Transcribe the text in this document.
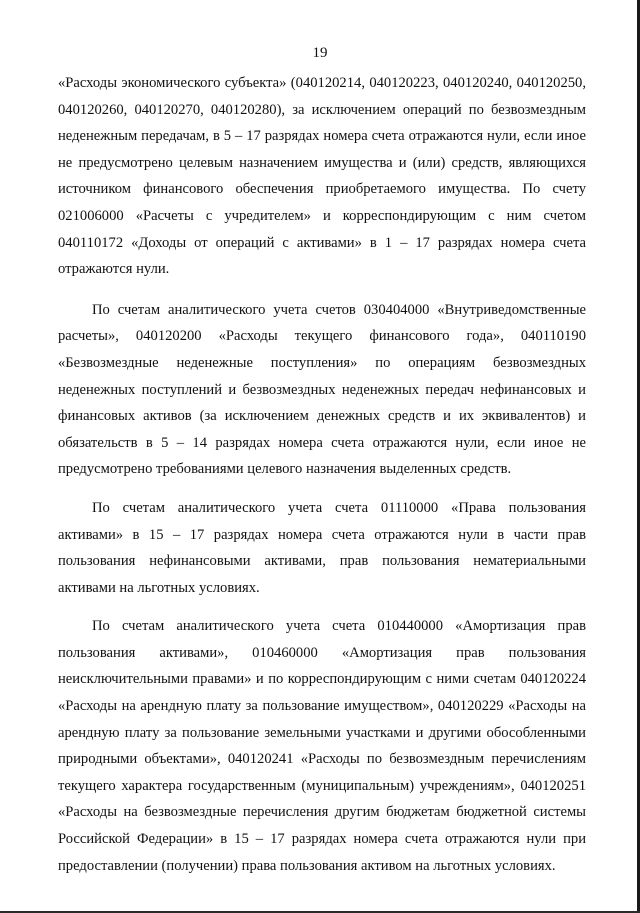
19

«Расходы экономического субъекта» (040120214, 040120223, 040120240, 040120250, 040120260, 040120270, 040120280), за исключением операций по безвозмездным неденежным передачам, в 5 – 17 разрядах номера счета отражаются нули, если иное не предусмотрено целевым назначением имущества и (или) средств, являющихся источником финансового обеспечения приобретаемого имущества. По счету 021006000 «Расчеты с учредителем» и корреспондирующим с ним счетом 040110172 «Доходы от операций с активами» в 1 – 17 разрядах номера счета отражаются нули.

По счетам аналитического учета счетов 030404000 «Внутриведомственные расчеты», 040120200 «Расходы текущего финансового года», 040110190 «Безвозмездные неденежные поступления» по операциям безвозмездных неденежных поступлений и безвозмездных неденежных передач нефинансовых и финансовых активов (за исключением денежных средств и их эквивалентов) и обязательств в 5 – 14 разрядах номера счета отражаются нули, если иное не предусмотрено требованиями целевого назначения выделенных средств.

По счетам аналитического учета счета 01110000 «Права пользования активами» в 15 – 17 разрядах номера счета отражаются нули в части прав пользования нефинансовыми активами, прав пользования нематериальными активами на льготных условиях.

По счетам аналитического учета счета 010440000 «Амортизация прав пользования активами», 010460000 «Амортизация прав пользования неисключительными правами» и по корреспондирующим с ними счетам 040120224 «Расходы на арендную плату за пользование имуществом», 040120229 «Расходы на арендную плату за пользование земельными участками и другими обособленными природными объектами», 040120241 «Расходы по безвозмездным перечислениям текущего характера государственным (муниципальным) учреждениям», 040120251 «Расходы на безвозмездные перечисления другим бюджетам бюджетной системы Российской Федерации» в 15 – 17 разрядах номера счета отражаются нули при предоставлении (получении) права пользования активом на льготных условиях.
